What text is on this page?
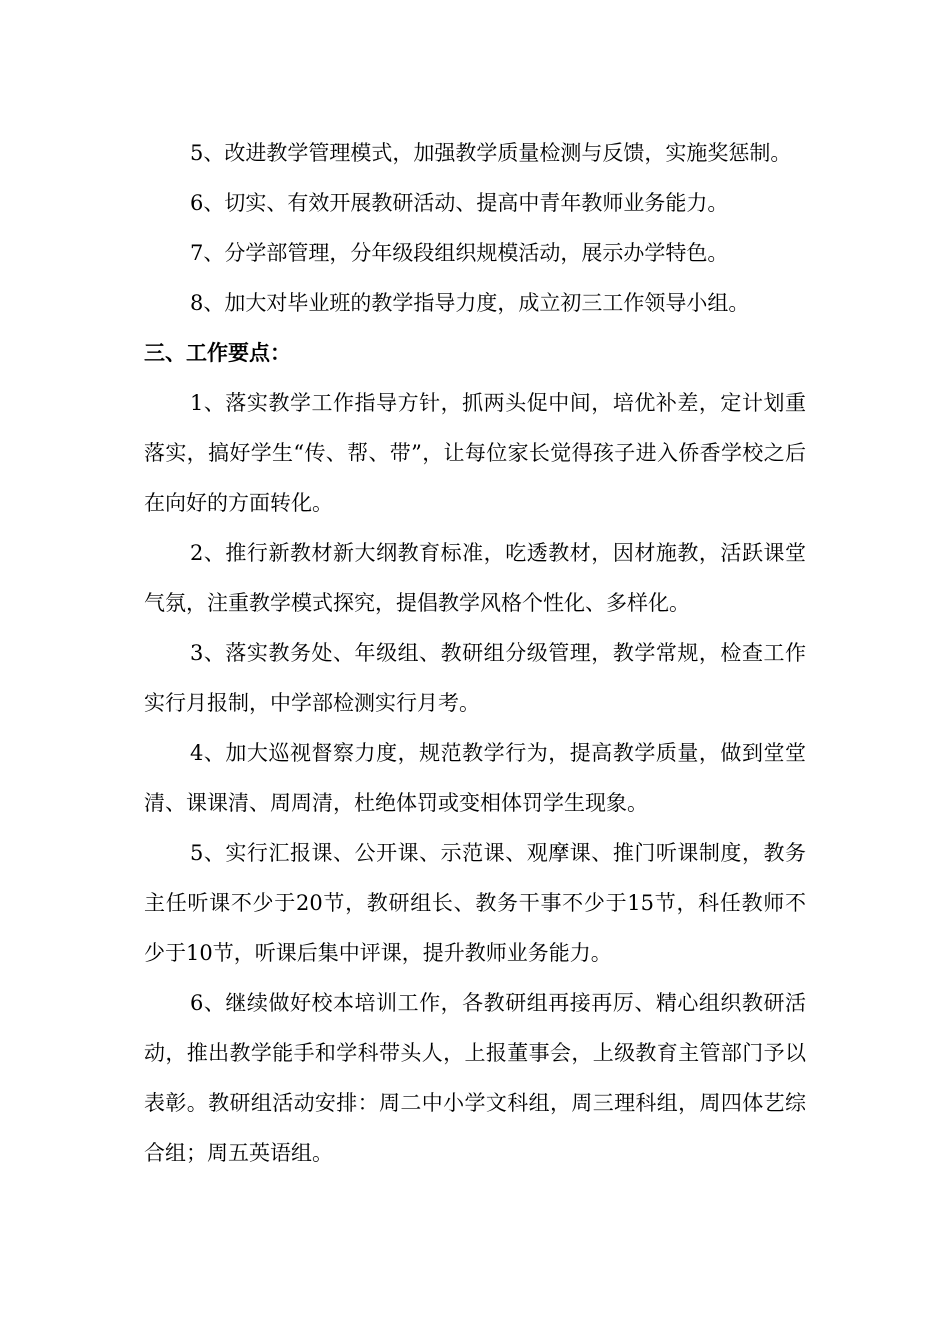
5、改进教学管理模式，加强教学质量检测与反馈，实施奖惩制。

6、切实、有效开展教研活动、提高中青年教师业务能力。

7、分学部管理，分年级段组织规模活动，展示办学特色。

8、加大对毕业班的教学指导力度，成立初三工作领导小组。

三、工作要点：

1、落实教学工作指导方针，抓两头促中间，培优补差，定计划重落实，搞好学生“传、帮、带”，让每位家长觉得孩子进入侨香学校之后在向好的方面转化。

2、推行新教材新大纲教育标准，吃透教材，因材施教，活跃课堂气氛，注重教学模式探究，提倡教学风格个性化、多样化。

3、落实教务处、年级组、教研组分级管理，教学常规，检查工作实行月报制，中学部检测实行月考。

4、加大巡视督察力度，规范教学行为，提高教学质量，做到堂堂清、课课清、周周清，杜绝体罚或变相体罚学生现象。

5、实行汇报课、公开课、示范课、观摩课、推门听课制度，教务主任听课不少于20节，教研组长、教务干事不少于15节，科任教师不少于10节，听课后集中评课，提升教师业务能力。

6、继续做好校本培训工作，各教研组再接再厉、精心组织教研活动，推出教学能手和学科带头人，上报董事会，上级教育主管部门予以表彰。教研组活动安排：周二中小学文科组，周三理科组，周四体艺综合组；周五英语组。
